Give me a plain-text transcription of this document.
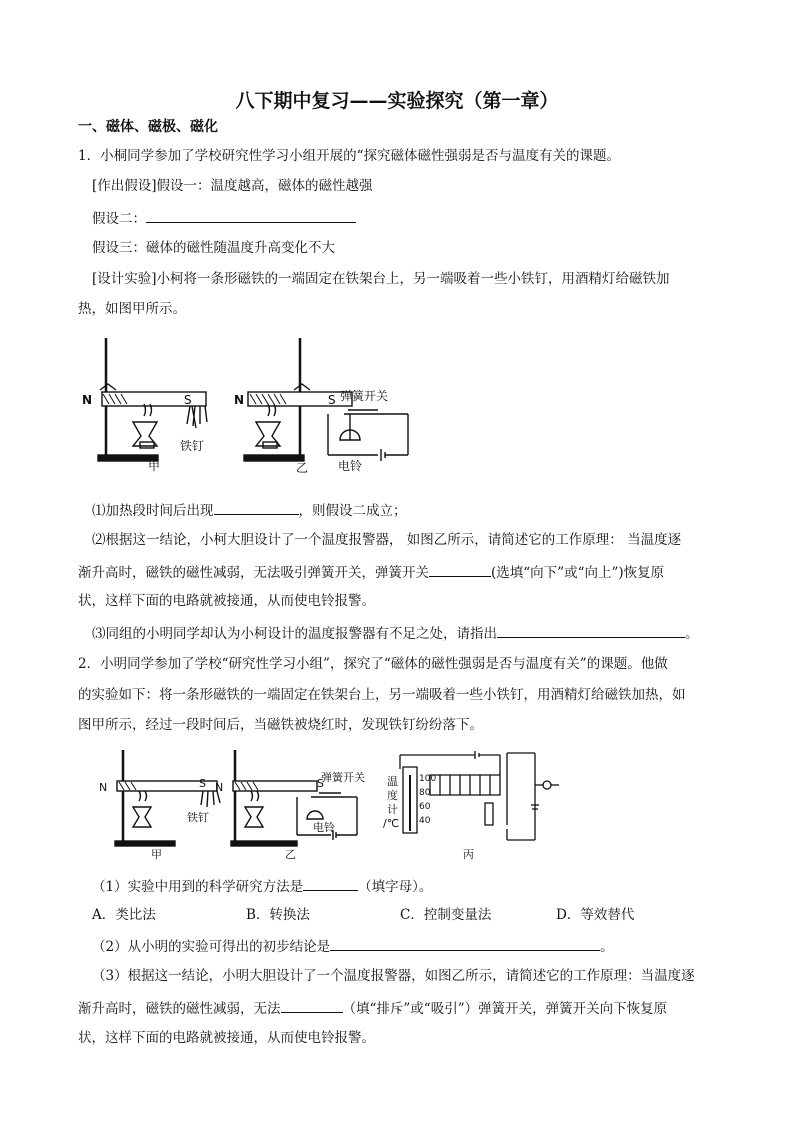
八下期中复习——实验探究（第一章）
一、磁体、磁极、磁化
1．小桐同学参加了学校研究性学习小组开展的“探究磁体磁性强弱是否与温度有关的课题。
[作出假设]假设一：温度越高，磁体的磁性越强
假设二：
假设三：磁体的磁性随温度升高变化不大
[设计实验]小柯将一条形磁铁的一端固定在铁架台上，另一端吸着一些小铁钉，用酒精灯给磁铁加
热，如图甲所示。
N	S
铁钉
甲
N	S 弹簧开关
电铃
乙
⑴加热段时间后出现	，则假设二成立；
⑵根据这一结论，小柯大胆设计了一个温度报警器， 如图乙所示，请简述它的工作原理： 当温度逐
渐升高时，磁铁的磁性减弱，无法吸引弹簧开关，弹簧开关	(选填“向下”或“向上”)恢复原
状，这样下面的电路就被接通，从而使电铃报警。
⑶同组的小明同学却认为小柯设计的温度报警器有不足之处，请指出	。
2．小明同学参加了学校“研究性学习小组”，探究了“磁体的磁性强弱是否与温度有关”的课题。他做
的实验如下：将一条形磁铁的一端固定在铁架台上，另一端吸着一些小铁钉，用酒精灯给磁铁加热，如
图甲所示，经过一段时间后，当磁铁被烧红时，发现铁钉纷纷落下。
N	S
铁钉
甲
N	S
弹簧开关
电铃
乙
温
度
计
/℃
100
80
60
40
丙
（1）实验中用到的科学研究方法是	（填字母）。
A．类比法	B．转换法	C．控制变量法	D．等效替代
（2）从小明的实验可得出的初步结论是	。
（3）根据这一结论，小明大胆设计了一个温度报警器，如图乙所示，请简述它的工作原理：当温度逐
渐升高时，磁铁的磁性减弱，无法	（填“排斥”或“吸引”）弹簧开关，弹簧开关向下恢复原
状，这样下面的电路就被接通，从而使电铃报警。
